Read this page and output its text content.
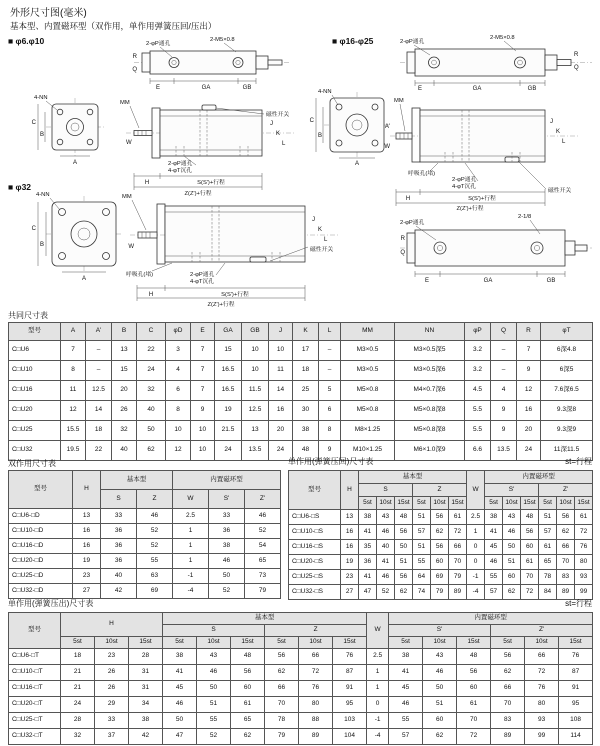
外形尺寸图(毫米)
基本型、内置磁环型（双作用，单作用弹簧压回/压出）
■ φ6.φ10	■ φ16-φ25
■ φ32
2-φP通孔
2-M5×0.8
R
Q
E	GA	GB
4-NN
C
B
A
MM
磁性开关
2-φP通孔
4-φT沉孔
J
K
L
W
H	S(S')+行程
Z(Z')+行程
2-φP通孔
2-M5×0.8
E	GA	GB
R
Q
4-NN
C
B
A
MM
A'
W
呼吸孔(堵)
2-φP通孔
4-φT沉孔
磁性开关
J
K
L
H	S(S')+行程
Z(Z')+行程
4-NN
C
B
A
MM
W
J
K
L
磁性开关
呼吸孔(堵)	2-φP通孔
4-φT沉孔
H	S(S')+行程
Z(Z')+行程
2-φP通孔
2-1/8
E	GA	GB
R
Q
共同尺寸表
型号	A	A'	B	C	φD	E	GA	GB	J	K	L	MM	NN	φP	Q	R	φT
C□U6	7	–	13	22	3	7	15	10	10	17	–	M3×0.5	M3×0.5深5	3.2	–	7	6深4.8
C□U10	8	–	15	24	4	7	16.5	10	11	18	–	M3×0.5	M3×0.5深6	3.2	–	9	6深5
C□U16	11	12.5	20	32	6	7	16.5	11.5	14	25	5	M5×0.8	M4×0.7深6	4.5	4	12	7.6深6.5
C□U20	12	14	26	40	8	9	19	12.5	16	30	6	M5×0.8	M5×0.8深8	5.5	9	16	9.3深8
C□U25	15.5	18	32	50	10	10	21.5	13	20	38	8	M8×1.25	M5×0.8深8	5.5	9	20	9.3深9
C□U32	19.5	22	40	62	12	10	24	13.5	24	48	9	M10×1.25	M6×1.0深9	6.6	13.5	24	11深11.5
双作用尺寸表
型号	H	基本型		内置磁环型		
		S	Z	W	S'	Z'
C□U6-□D	13	33	46	2.5	33	46
C□U10-□D	16	36	52	1	36	52
C□U16-□D	16	36	52	1	38	54
C□U20-□D	19	36	55	1	46	65
C□U25-□D	23	40	63	-1	50	73
C□U32-□D	27	42	69	-4	52	79
单作用(弹簧压回)尺寸表	st=行程
型号	H	基本型						W	内置磁环型					
		S			Z				S'			Z'		
		5st	10st	15st	5st	10st	15st		5st	10st	15st	5st	10st	15st
C□U6-□S	13	38	43	48	51	56	61	2.5	38	43	48	51	56	61
C□U10-□S	16	41	46	56	57	62	72	1	41	46	56	57	62	72
C□U16-□S	16	35	40	50	51	56	66	0	45	50	60	61	66	76
C□U20-□S	19	36	41	51	55	60	70	0	46	51	61	65	70	80
C□U25-□S	23	41	46	56	64	69	79	-1	55	60	70	78	83	93
C□U32-□S	27	47	52	62	74	79	89	-4	57	62	72	84	89	99
单作用(弹簧压出)尺寸表	st=行程
型号	H			基本型						W	内置磁环型					
				S			Z				S'			Z'		
	5st	10st	15st	5st	10st	15st	5st	10st	15st		5st	10st	15st	5st	10st	15st
C□U6-□T	18	23	28	38	43	48	56	66	76	2.5	38	43	48	56	66	76
C□U10-□T	21	26	31	41	46	56	62	72	87	1	41	46	56	62	72	87
C□U16-□T	21	26	31	45	50	60	66	76	91	1	45	50	60	66	76	91
C□U20-□T	24	29	34	46	51	61	70	80	95	0	46	51	61	70	80	95
C□U25-□T	28	33	38	50	55	65	78	88	103	-1	55	60	70	83	93	108
C□U32-□T	32	37	42	47	52	62	79	89	104	-4	57	62	72	89	99	114
